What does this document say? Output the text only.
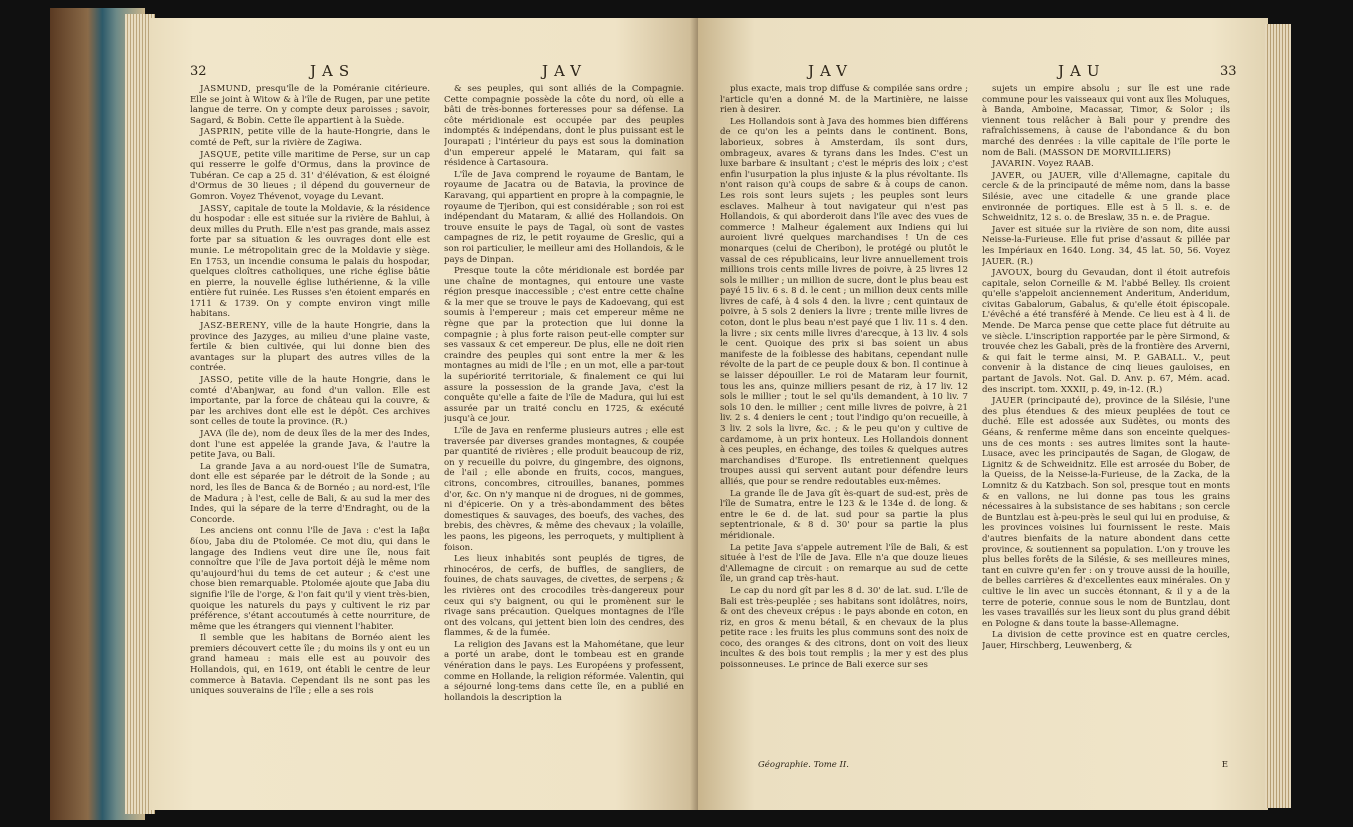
32	JAS	JAV

JASMUND, presqu'île de la Poméranie citérieure. Elle se joint à Witow & à l'île de Rugen, par une petite langue de terre. On y compte deux paroisses ; savoir, Sagard, & Bobin. Cette île appartient à la Suède.

JASPRIN, petite ville de la haute-Hongrie, dans le comté de Peft, sur la rivière de Zagiwa.

JASQUE, petite ville maritime de Perse, sur un cap qui resserre le golfe d'Ormus, dans la province de Tubéran. Ce cap a 25 d. 31' d'élévation, & est éloigné d'Ormus de 30 lieues ; il dépend du gouverneur de Gomron. Voyez Thévenot, voyage du Levant.

JASSY, capitale de toute la Moldavie, & la résidence du hospodar : elle est située sur la rivière de Bahlui, à deux milles du Pruth. Elle n'est pas grande, mais assez forte par sa situation & les ouvrages dont elle est munie. Le métropolitain grec de la Moldavie y siège. En 1753, un incendie consuma le palais du hospodar, quelques cloîtres catholiques, une riche église bâtie en pierre, la nouvelle église luthérienne, & la ville entière fut ruinée. Les Russes s'en étoient emparés en 1711 & 1739. On y compte environ vingt mille habitans.

JASZ-BERENY, ville de la haute Hongrie, dans la province des Jazyges, au milieu d'une plaine vaste, fertile & bien cultivée, qui lui donne bien des avantages sur la plupart des autres villes de la contrée.

JASSO, petite ville de la haute Hongrie, dans le comté d'Abanjwar, au fond d'un vallon. Elle est importante, par la force de château qui la couvre, & par les archives dont elle est le dépôt. Ces archives sont celles de toute la province. (R.)

JAVA (île de), nom de deux îles de la mer des Indes, dont l'une est appelée la grande Java, & l'autre la petite Java, ou Bali.

La grande Java a au nord-ouest l'île de Sumatra, dont elle est séparée par le détroit de la Sonde ; au nord, les îles de Banca & de Bornéo ; au nord-est, l'île de Madura ; à l'est, celle de Bali, & au sud la mer des Indes, qui la sépare de la terre d'Endraght, ou de la Concorde.

Les anciens ont connu l'île de Java : c'est la Iaβα δίου, Jaba diu de Ptolomée. Ce mot diu, qui dans le langage des Indiens veut dire une île, nous fait connoître que l'île de Java portoit déjà le même nom qu'aujourd'hui du tems de cet auteur ; & c'est une chose bien remarquable. Ptolomée ajoute que Jaba diu signifie l'île de l'orge, & l'on fait qu'il y vient très-bien, quoique les naturels du pays y cultivent le riz par préférence, s'étant accoutumés à cette nourriture, de même que les étrangers qui viennent l'habiter.

Il semble que les habitans de Bornéo aient les premiers découvert cette île ; du moins ils y ont eu un grand hameau : mais elle est au pouvoir des Hollandois, qui, en 1619, ont établi le centre de leur commerce à Batavia. Cependant ils ne sont pas les uniques souverains de l'île ; elle a ses rois

& ses peuples, qui sont alliés de la Compagnie. Cette compagnie possède la côte du nord, où elle a bâti de très-bonnes forteresses pour sa défense. La côte méridionale est occupée par des peuples indomptés & indépendans, dont le plus puissant est le Jourapati ; l'intérieur du pays est sous la domination d'un empereur appelé le Mataram, qui fait sa résidence à Cartasoura.

L'île de Java comprend le royaume de Bantam, le royaume de Jacatra ou de Batavia, la province de Karavang, qui appartient en propre à la compagnie, le royaume de Tjeribon, qui est considérable ; son roi est indépendant du Mataram, & allié des Hollandois. On trouve ensuite le pays de Tagal, où sont de vastes campagnes de riz, le petit royaume de Greslic, qui a son roi particulier, le meilleur ami des Hollandois, & le pays de Dinpan.

Presque toute la côte méridionale est bordée par une chaîne de montagnes, qui entoure une vaste région presque inaccessible ; c'est entre cette chaîne & la mer que se trouve le pays de Kadoevang, qui est soumis à l'empereur ; mais cet empereur même ne règne que par la protection que lui donne la compagnie ; à plus forte raison peut-elle compter sur ses vassaux & cet empereur. De plus, elle ne doit rien craindre des peuples qui sont entre la mer & les montagnes au midi de l'île ; en un mot, elle a par-tout la supériorité territoriale, & finalement ce qui lui assure la possession de la grande Java, c'est la conquête qu'elle a faite de l'île de Madura, qui lui est assurée par un traité conclu en 1725, & exécuté jusqu'à ce jour.

L'île de Java en renferme plusieurs autres ; elle est traversée par diverses grandes montagnes, & coupée par quantité de rivières ; elle produit beaucoup de riz, on y recueille du poivre, du gingembre, des oignons, de l'ail ; elle abonde en fruits, cocos, mangues, citrons, concombres, citrouilles, bananes, pommes d'or, &c. On n'y manque ni de drogues, ni de gommes, ni d'épicerie. On y a très-abondamment des bêtes domestiques & sauvages, des boeufs, des vaches, des brebis, des chèvres, & même des chevaux ; la volaille, les paons, les pigeons, les perroquets, y multiplient à foison.

Les lieux inhabités sont peuplés de tigres, de rhinocéros, de cerfs, de buffles, de sangliers, de fouines, de chats sauvages, de civettes, de serpens ; & les rivières ont des crocodiles très-dangereux pour ceux qui s'y baignent, ou qui le promènent sur le rivage sans précaution. Quelques montagnes de l'île ont des volcans, qui jettent bien loin des cendres, des flammes, & de la fumée.

La religion des Javans est la Mahométane, que leur a porté un arabe, dont le tombeau est en grande vénération dans le pays. Les Européens y professent, comme en Hollande, la religion réformée. Valentin, qui a séjourné long-tems dans cette île, en a publié en hollandois la description la

JAV	JAU	33

plus exacte, mais trop diffuse & compilée sans ordre ; l'article qu'en a donné M. de la Martinière, ne laisse rien à desirer.

Les Hollandois sont à Java des hommes bien différens de ce qu'on les a peints dans le continent. Bons, laborieux, sobres à Amsterdam, ils sont durs, ombrageux, avares & tyrans dans les Indes. C'est un luxe barbare & insultant ; c'est le mépris des loix ; c'est enfin l'usurpation la plus injuste & la plus révoltante. Ils n'ont raison qu'à coups de sabre & à coups de canon. Les rois sont leurs sujets ; les peuples sont leurs esclaves. Malheur à tout navigateur qui n'est pas Hollandois, & qui aborderoit dans l'île avec des vues de commerce ! Malheur également aux Indiens qui lui auroient livré quelques marchandises ! Un de ces monarques (celui de Cheribon), le protégé ou plutôt le vassal de ces républicains, leur livre annuellement trois millions trois cents mille livres de poivre, à 25 livres 12 sols le millier ; un million de sucre, dont le plus beau est payé 15 liv. 6 s. 8 d. le cent ; un million deux cents mille livres de café, à 4 sols 4 den. la livre ; cent quintaux de poivre, à 5 sols 2 deniers la livre ; trente mille livres de coton, dont le plus beau n'est payé que 1 liv. 11 s. 4 den. la livre ; six cents mille livres d'arecque, à 13 liv. 4 sols le cent. Quoique des prix si bas soient un abus manifeste de la foiblesse des habitans, cependant nulle révolte de la part de ce peuple doux & bon. Il continue à se laisser dépouiller. Le roi de Mataram leur fournit, tous les ans, quinze milliers pesant de riz, à 17 liv. 12 sols le millier ; tout le sel qu'ils demandent, à 10 liv. 7 sols 10 den. le millier ; cent mille livres de poivre, à 21 liv. 2 s. 4 deniers le cent ; tout l'indigo qu'on recueille, à 3 liv. 2 sols la livre, &c. ; & le peu qu'on y cultive de cardamome, à un prix honteux. Les Hollandois donnent à ces peuples, en échange, des toiles & quelques autres marchandises d'Europe. Ils entretiennent quelques troupes aussi qui servent autant pour défendre leurs alliés, que pour se rendre redoutables eux-mêmes.

La grande île de Java gît ès-quart de sud-est, près de l'île de Sumatra, entre le 123 & le 134e d. de long. & entre le 6e d. de lat. sud pour sa partie la plus septentrionale, & 8 d. 30' pour sa partie la plus méridionale.

La petite Java s'appele autrement l'île de Bali, & est située à l'est de l'île de Java. Elle n'a que douze lieues d'Allemagne de circuit : on remarque au sud de cette île, un grand cap très-haut.

Le cap du nord gît par les 8 d. 30' de lat. sud. L'île de Bali est très-peuplée ; ses habitans sont idolâtres, noirs, & ont des cheveux crépus : le pays abonde en coton, en riz, en gros & menu bétail, & en chevaux de la plus petite race : les fruits les plus communs sont des noix de coco, des oranges & des citrons, dont on voit des lieux incultes & des bois tout remplis ; la mer y est des plus poissonneuses. Le prince de Bali exerce sur ses

sujets un empire absolu ; sur île est une rade commune pour les vaisseaux qui vont aux îles Moluques, à Banda, Amboine, Macassar, Timor, & Solor ; ils viennent tous relâcher à Bali pour y prendre des rafraîchissemens, à cause de l'abondance & du bon marché des denrées : la ville capitale de l'île porte le nom de Bali. (MASSON DE MORVILLIERS)

JAVARIN. Voyez RAAB.

JAVER, ou JAUER, ville d'Allemagne, capitale du cercle & de la principauté de même nom, dans la basse Silésie, avec une citadelle & une grande place environnée de portiques. Elle est à 5 ll. s. e. de Schweidnitz, 12 s. o. de Breslaw, 35 n. e. de Prague.

Javer est située sur la rivière de son nom, dite aussi Neisse-la-Furieuse. Elle fut prise d'assaut & pillée par les Impériaux en 1640. Long. 34, 45 lat. 50, 56. Voyez JAUER. (R.)

JAVOUX, bourg du Gevaudan, dont il étoit autrefois capitale, selon Corneille & M. l'abbé Belley. Ils croient qu'elle s'appeloit anciennement Anderitum, Anderidum, civitas Gabalorum, Gabalus, & qu'elle étoit épiscopale. L'évêché a été transféré à Mende. Ce lieu est à 4 li. de Mende. De Marca pense que cette place fut détruite au ve siècle. L'inscription rapportée par le père Sirmond, & trouvée chez les Gabali, près de la frontière des Arverni, & qui fait le terme ainsi, M. P. GABALL. V., peut convenir à la distance de cinq lieues gauloises, en partant de Javols. Not. Gal. D. Anv. p. 67, Mém. acad. des inscript. tom. XXXII, p. 49, in-12. (R.)

JAUER (principauté de), province de la Silésie, l'une des plus étendues & des mieux peuplées de tout ce duché. Elle est adossée aux Sudètes, ou monts des Géans, & renferme même dans son enceinte quelques-uns de ces monts : ses autres limites sont la haute-Lusace, avec les principautés de Sagan, de Glogaw, de Lignitz & de Schweidnitz. Elle est arrosée du Bober, de la Queiss, de la Neisse-la-Furieuse, de la Zacka, de la Lomnitz & du Katzbach. Son sol, presque tout en monts & en vallons, ne lui donne pas tous les grains nécessaires à la subsistance de ses habitans ; son cercle de Buntzlau est à-peu-près le seul qui lui en produise, & les provinces voisines lui fournissent le reste. Mais d'autres bienfaits de la nature abondent dans cette province, & soutiennent sa population. L'on y trouve les plus belles forêts de la Silésie, & ses meilleures mines, tant en cuivre qu'en fer : on y trouve aussi de la houille, de belles carrières & d'excellentes eaux minérales. On y cultive le lin avec un succès étonnant, & il y a de la terre de poterie, connue sous le nom de Buntzlau, dont les vases travaillés sur les lieux sont du plus grand débit en Pologne & dans toute la basse-Allemagne.

La division de cette province est en quatre cercles, Jauer, Hirschberg, Leuwenberg, &

Géographie. Tome II.	E
